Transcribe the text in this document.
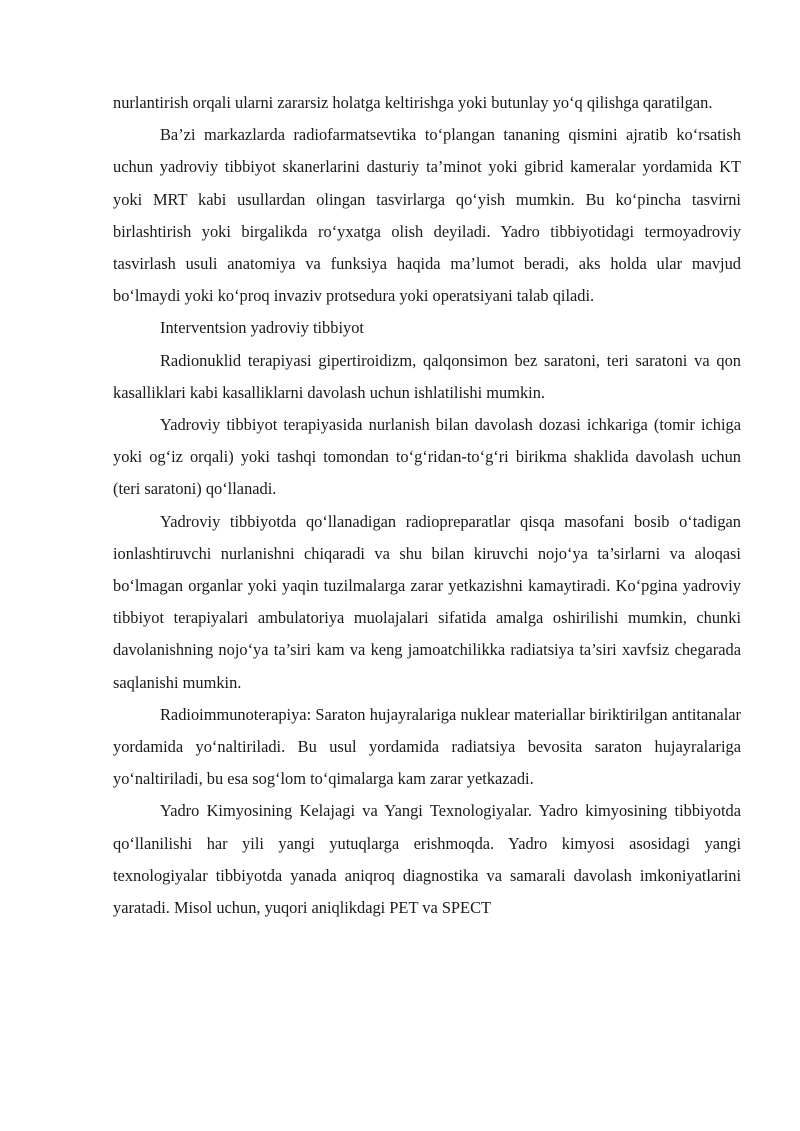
nurlantirish orqali ularni zararsiz holatga keltirishga yoki butunlay yo‘q qilishga qaratilgan.

Ba’zi markazlarda radiofarmatsevtika to‘plangan tananing qismini ajratib ko‘rsatish uchun yadroviy tibbiyot skanerlarini dasturiy ta’minot yoki gibrid kameralar yordamida KT yoki MRT kabi usullardan olingan tasvirlarga qo‘yish mumkin. Bu ko‘pincha tasvirni birlashtirish yoki birgalikda ro‘yxatga olish deyiladi. Yadro tibbiyotidagi termoyadroviy tasvirlash usuli anatomiya va funksiya haqida ma’lumot beradi, aks holda ular mavjud bo‘lmaydi yoki ko‘proq invaziv protsedura yoki operatsiyani talab qiladi.

Interventsion yadroviy tibbiyot

Radionuklid terapiyasi gipertiroidizm, qalqonsimon bez saratoni, teri saratoni va qon kasalliklari kabi kasalliklarni davolash uchun ishlatilishi mumkin.

Yadroviy tibbiyot terapiyasida nurlanish bilan davolash dozasi ichkariga (tomir ichiga yoki og‘iz orqali) yoki tashqi tomondan to‘g‘ridan-to‘g‘ri birikma shaklida davolash uchun (teri saratoni) qo‘llanadi.

Yadroviy tibbiyotda qo‘llanadigan radiopreparatlar qisqa masofani bosib o‘tadigan ionlashtiruvchi nurlanishni chiqaradi va shu bilan kiruvchi nojo‘ya ta’sirlarni va aloqasi bo‘lmagan organlar yoki yaqin tuzilmalarga zarar yetkazishni kamaytiradi. Ko‘pgina yadroviy tibbiyot terapiyalari ambulatoriya muolajalari sifatida amalga oshirilishi mumkin, chunki davolanishning nojo‘ya ta’siri kam va keng jamoatchilikka radiatsiya ta’siri xavfsiz chegarada saqlanishi mumkin.

Radioimmunoterapiya: Saraton hujayralariga nuklear materiallar biriktirilgan antitanalar yordamida yo‘naltiriladi. Bu usul yordamida radiatsiya bevosita saraton hujayralariga yo‘naltiriladi, bu esa sog‘lom to‘qimalarga kam zarar yetkazadi.

Yadro Kimyosining Kelajagi va Yangi Texnologiyalar. Yadro kimyosining tibbiyotda qo‘llanilishi har yili yangi yutuqlarga erishmoqda. Yadro kimyosi asosidagi yangi texnologiyalar tibbiyotda yanada aniqroq diagnostika va samarali davolash imkoniyatlarini yaratadi. Misol uchun, yuqori aniqlikdagi PET va SPECT
